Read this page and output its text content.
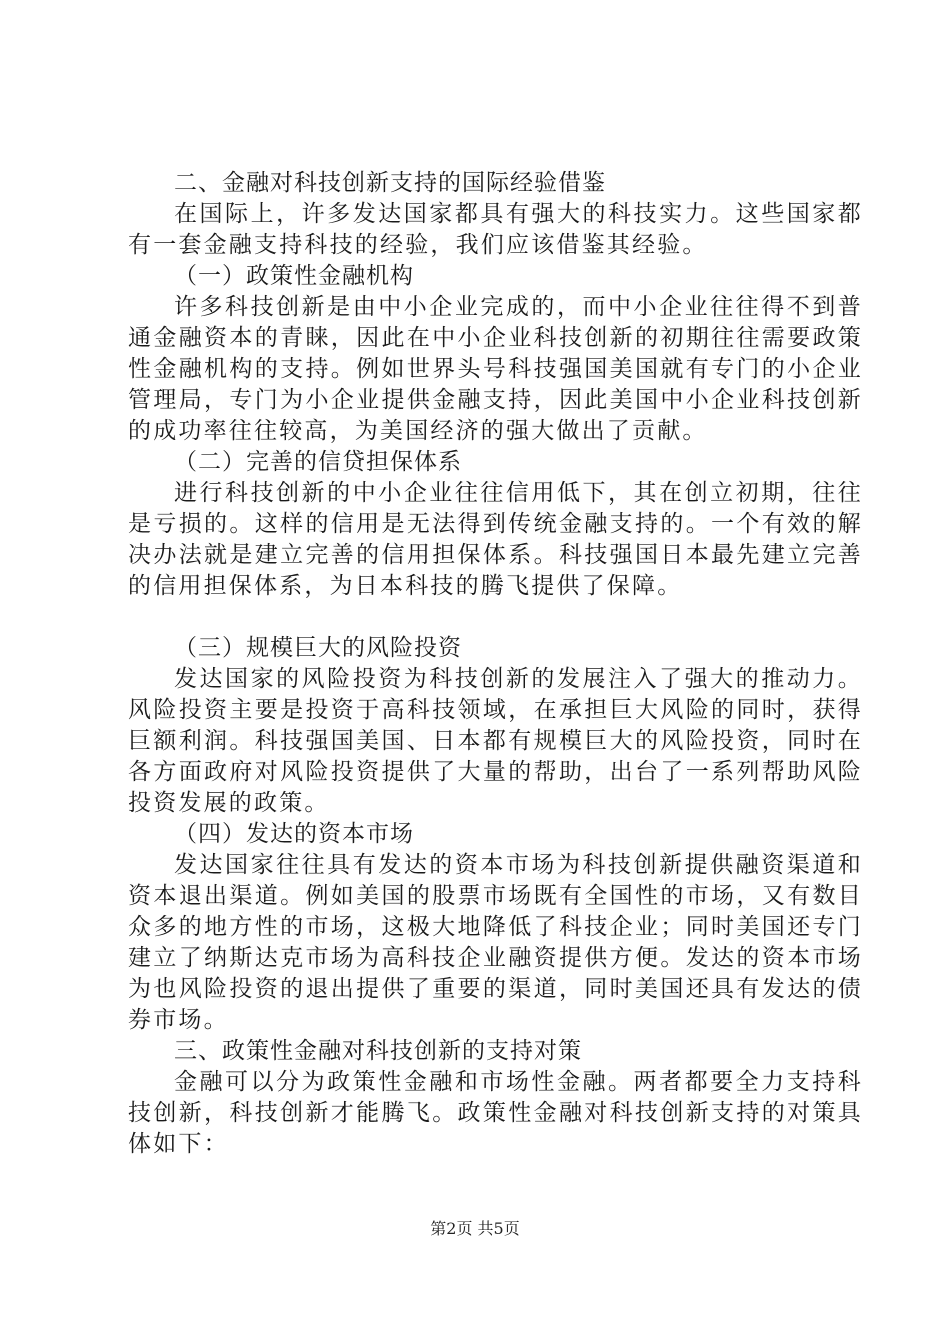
二、金融对科技创新支持的国际经验借鉴

在国际上，许多发达国家都具有强大的科技实力。这些国家都有一套金融支持科技的经验，我们应该借鉴其经验。

（一）政策性金融机构

许多科技创新是由中小企业完成的，而中小企业往往得不到普通金融资本的青睐，因此在中小企业科技创新的初期往往需要政策性金融机构的支持。例如世界头号科技强国美国就有专门的小企业管理局，专门为小企业提供金融支持，因此美国中小企业科技创新的成功率往往较高，为美国经济的强大做出了贡献。

（二）完善的信贷担保体系

进行科技创新的中小企业往往信用低下，其在创立初期，往往是亏损的。这样的信用是无法得到传统金融支持的。一个有效的解决办法就是建立完善的信用担保体系。科技强国日本最先建立完善的信用担保体系，为日本科技的腾飞提供了保障。

（三）规模巨大的风险投资

发达国家的风险投资为科技创新的发展注入了强大的推动力。风险投资主要是投资于高科技领域，在承担巨大风险的同时，获得巨额利润。科技强国美国、日本都有规模巨大的风险投资，同时在各方面政府对风险投资提供了大量的帮助，出台了一系列帮助风险投资发展的政策。

（四）发达的资本市场

发达国家往往具有发达的资本市场为科技创新提供融资渠道和资本退出渠道。例如美国的股票市场既有全国性的市场，又有数目众多的地方性的市场，这极大地降低了科技企业；同时美国还专门建立了纳斯达克市场为高科技企业融资提供方便。发达的资本市场为也风险投资的退出提供了重要的渠道，同时美国还具有发达的债券市场。

三、政策性金融对科技创新的支持对策

金融可以分为政策性金融和市场性金融。两者都要全力支持科技创新，科技创新才能腾飞。政策性金融对科技创新支持的对策具体如下：

第2页 共5页
